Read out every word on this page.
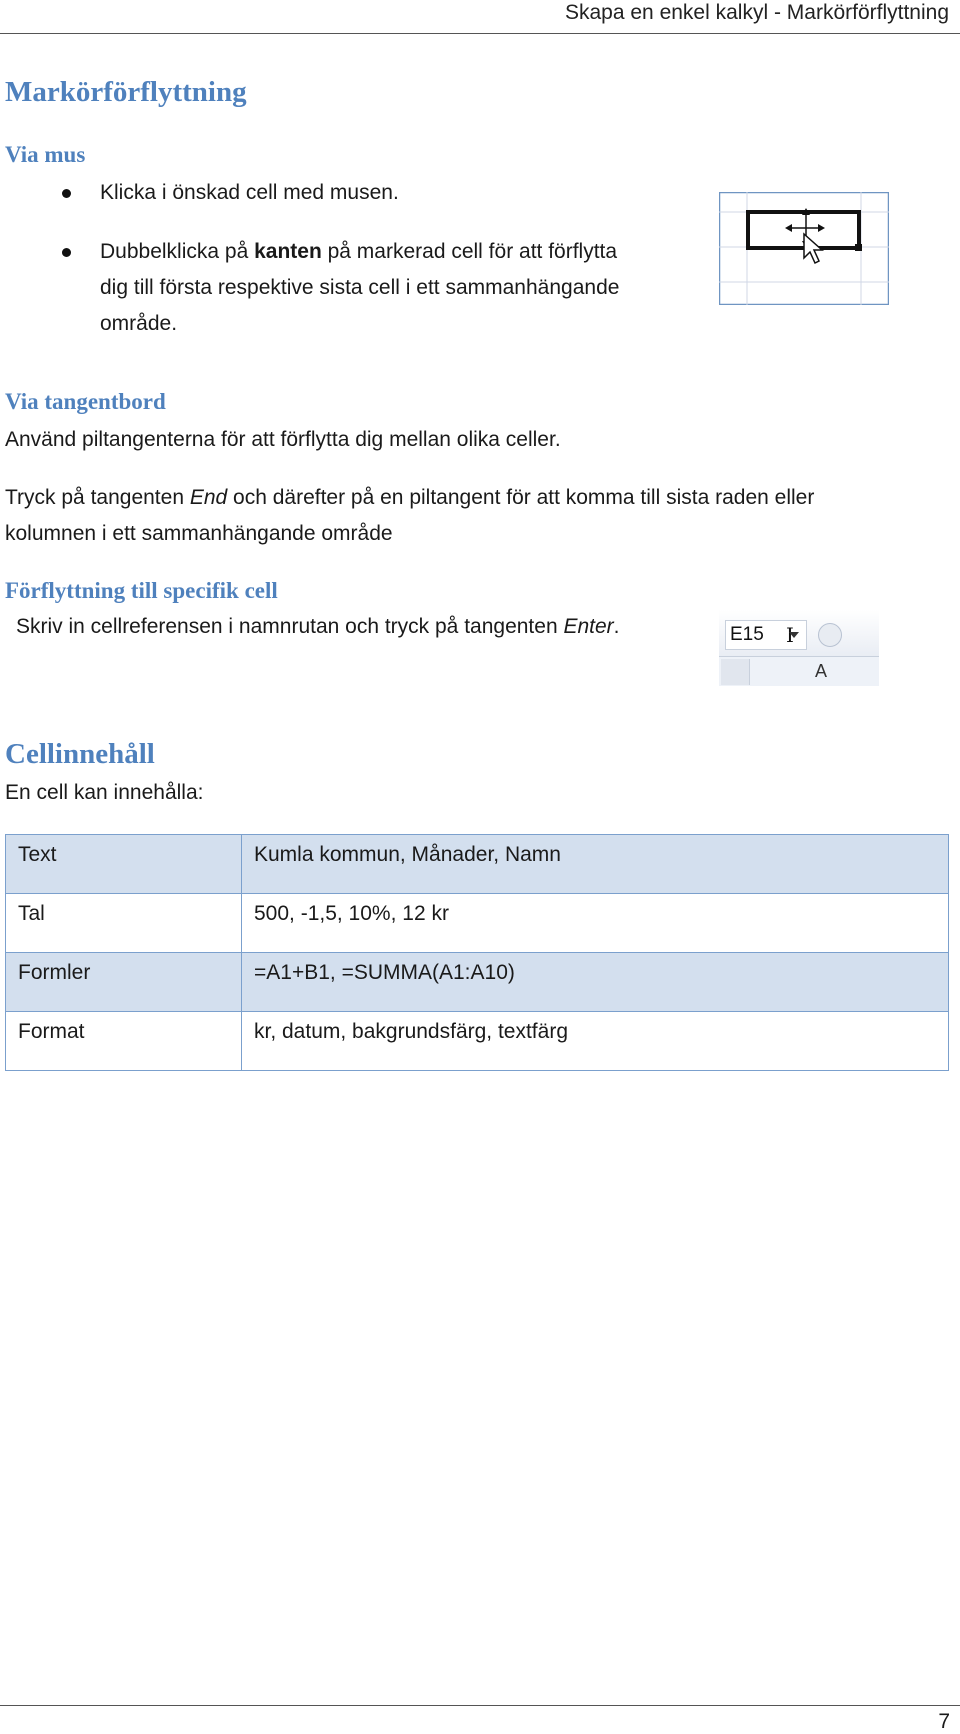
Skapa en enkel kalkyl - Markörförflyttning
Markörförflyttning
Via mus
Klicka i önskad cell med musen.
Dubbelklicka på kanten på markerad cell för att förflytta
dig till första respektive sista cell i ett sammanhängande
område.
Via tangentbord
Använd piltangenterna för att förflytta dig mellan olika celler.
Tryck på tangenten End och därefter på en piltangent för att komma till sista raden eller
kolumnen i ett sammanhängande område
Förflyttning till specifik cell
Skriv in cellreferensen i namnrutan och tryck på tangenten Enter.	E15 I
A
Cellinnehåll
En cell kan innehålla:
Text	Kumla kommun, Månader, Namn
Tal	500, -1,5, 10%, 12 kr
Formler	=A1+B1, =SUMMA(A1:A10)
Format	kr, datum, bakgrundsfärg, textfärg
7
